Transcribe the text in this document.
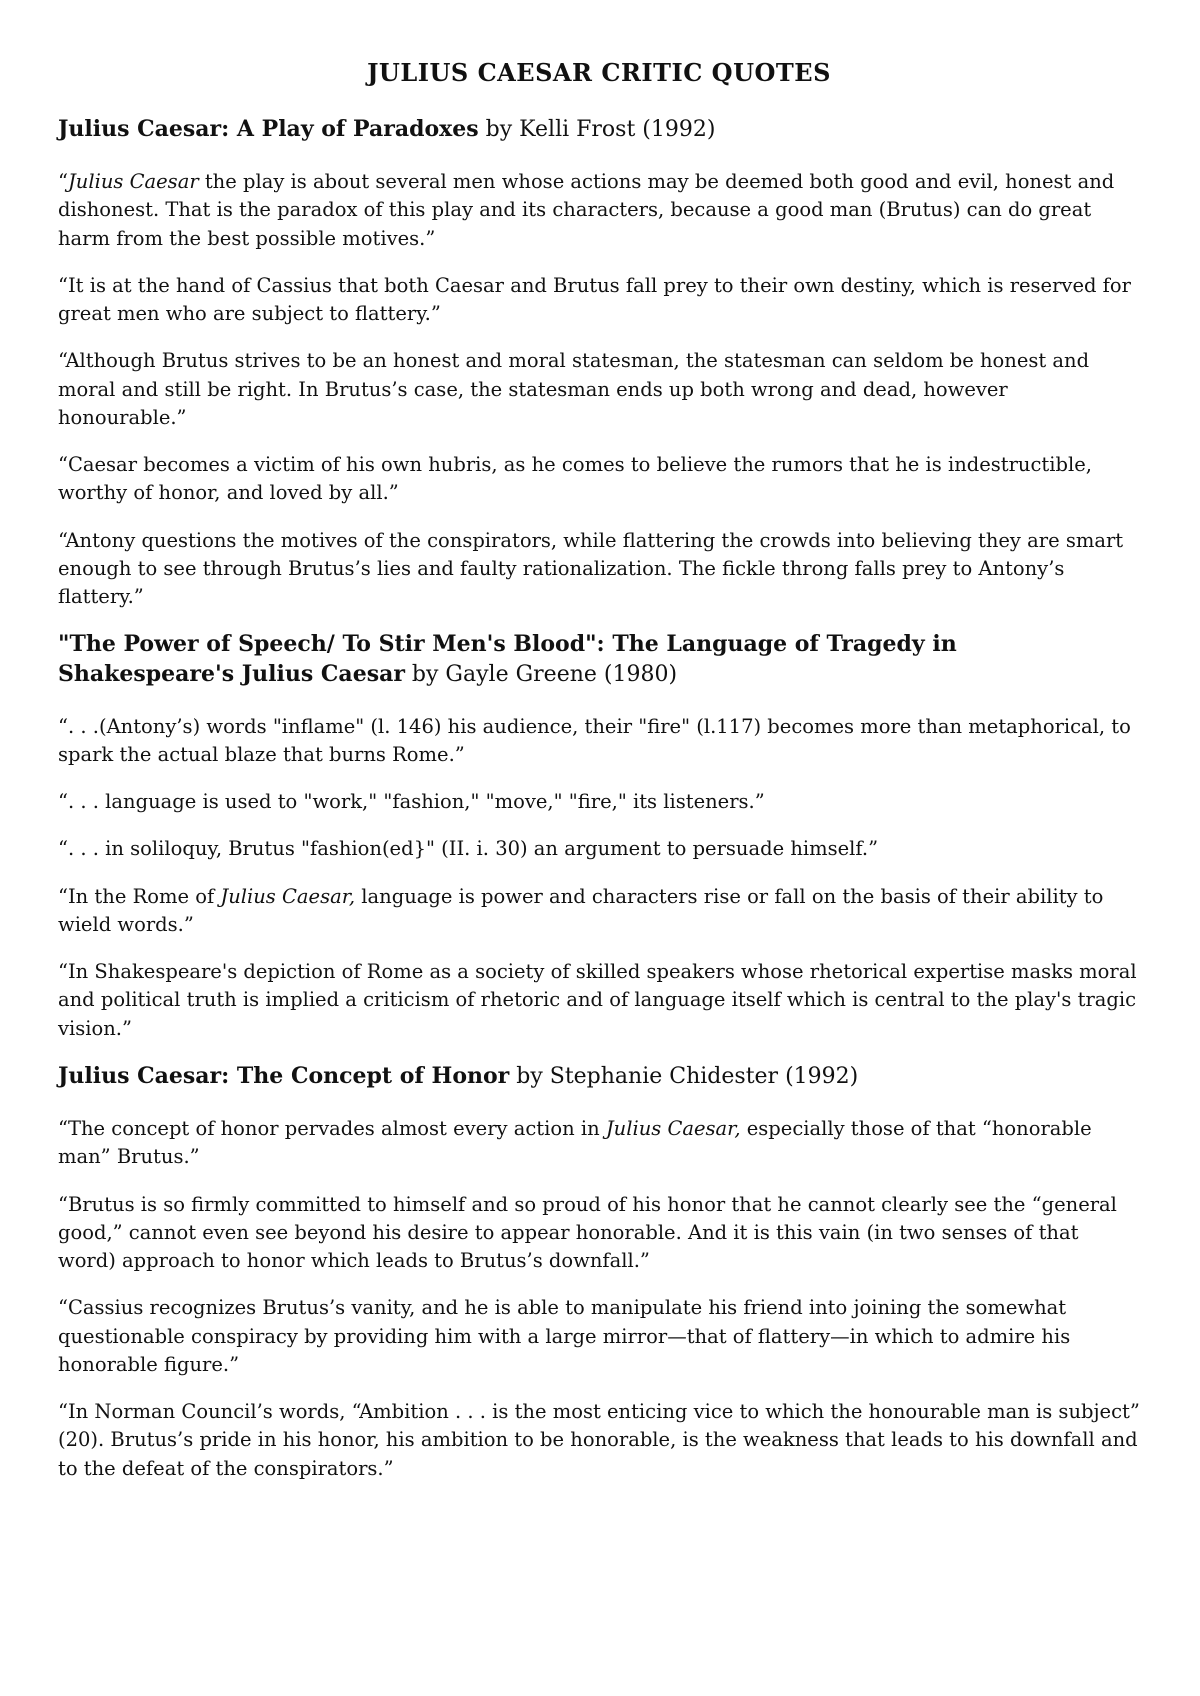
JULIUS CAESAR CRITIC QUOTES
Julius Caesar: A Play of Paradoxes by Kelli Frost (1992)

“Julius Caesar the play is about several men whose actions may be deemed both good and evil, honest and dishonest. That is the paradox of this play and its characters, because a good man (Brutus) can do great harm from the best possible motives.”

“It is at the hand of Cassius that both Caesar and Brutus fall prey to their own destiny, which is reserved for great men who are subject to flattery.”

“Although Brutus strives to be an honest and moral statesman, the statesman can seldom be honest and moral and still be right. In Brutus’s case, the statesman ends up both wrong and dead, however honourable.”

“Caesar becomes a victim of his own hubris, as he comes to believe the rumors that he is indestructible, worthy of honor, and loved by all.”

“Antony questions the motives of the conspirators, while flattering the crowds into believing they are smart enough to see through Brutus’s lies and faulty rationalization. The fickle throng falls prey to Antony’s flattery.”

"The Power of Speech/ To Stir Men's Blood": The Language of Tragedy in Shakespeare's Julius Caesar by Gayle Greene (1980)

“. . .(Antony’s) words "inflame" (l. 146) his audience, their "fire" (l.117) becomes more than metaphorical, to spark the actual blaze that burns Rome.”

“. . . language is used to "work," "fashion," "move," "fire," its listeners.”

“. . . in soliloquy, Brutus "fashion(ed}" (II. i. 30) an argument to persuade himself.”

“In the Rome of Julius Caesar, language is power and characters rise or fall on the basis of their ability to wield words.”

“In Shakespeare's depiction of Rome as a society of skilled speakers whose rhetorical expertise masks moral and political truth is implied a criticism of rhetoric and of language itself which is central to the play's tragic vision.”

Julius Caesar: The Concept of Honor by Stephanie Chidester (1992)

“The concept of honor pervades almost every action in Julius Caesar, especially those of that “honorable man” Brutus.”

“Brutus is so firmly committed to himself and so proud of his honor that he cannot clearly see the “general good,” cannot even see beyond his desire to appear honorable. And it is this vain (in two senses of that word) approach to honor which leads to Brutus’s downfall.”

“Cassius recognizes Brutus’s vanity, and he is able to manipulate his friend into joining the somewhat questionable conspiracy by providing him with a large mirror—that of flattery—in which to admire his honorable figure.”

“In Norman Council’s words, “Ambition . . . is the most enticing vice to which the honourable man is subject” (20). Brutus’s pride in his honor, his ambition to be honorable, is the weakness that leads to his downfall and to the defeat of the conspirators.”
